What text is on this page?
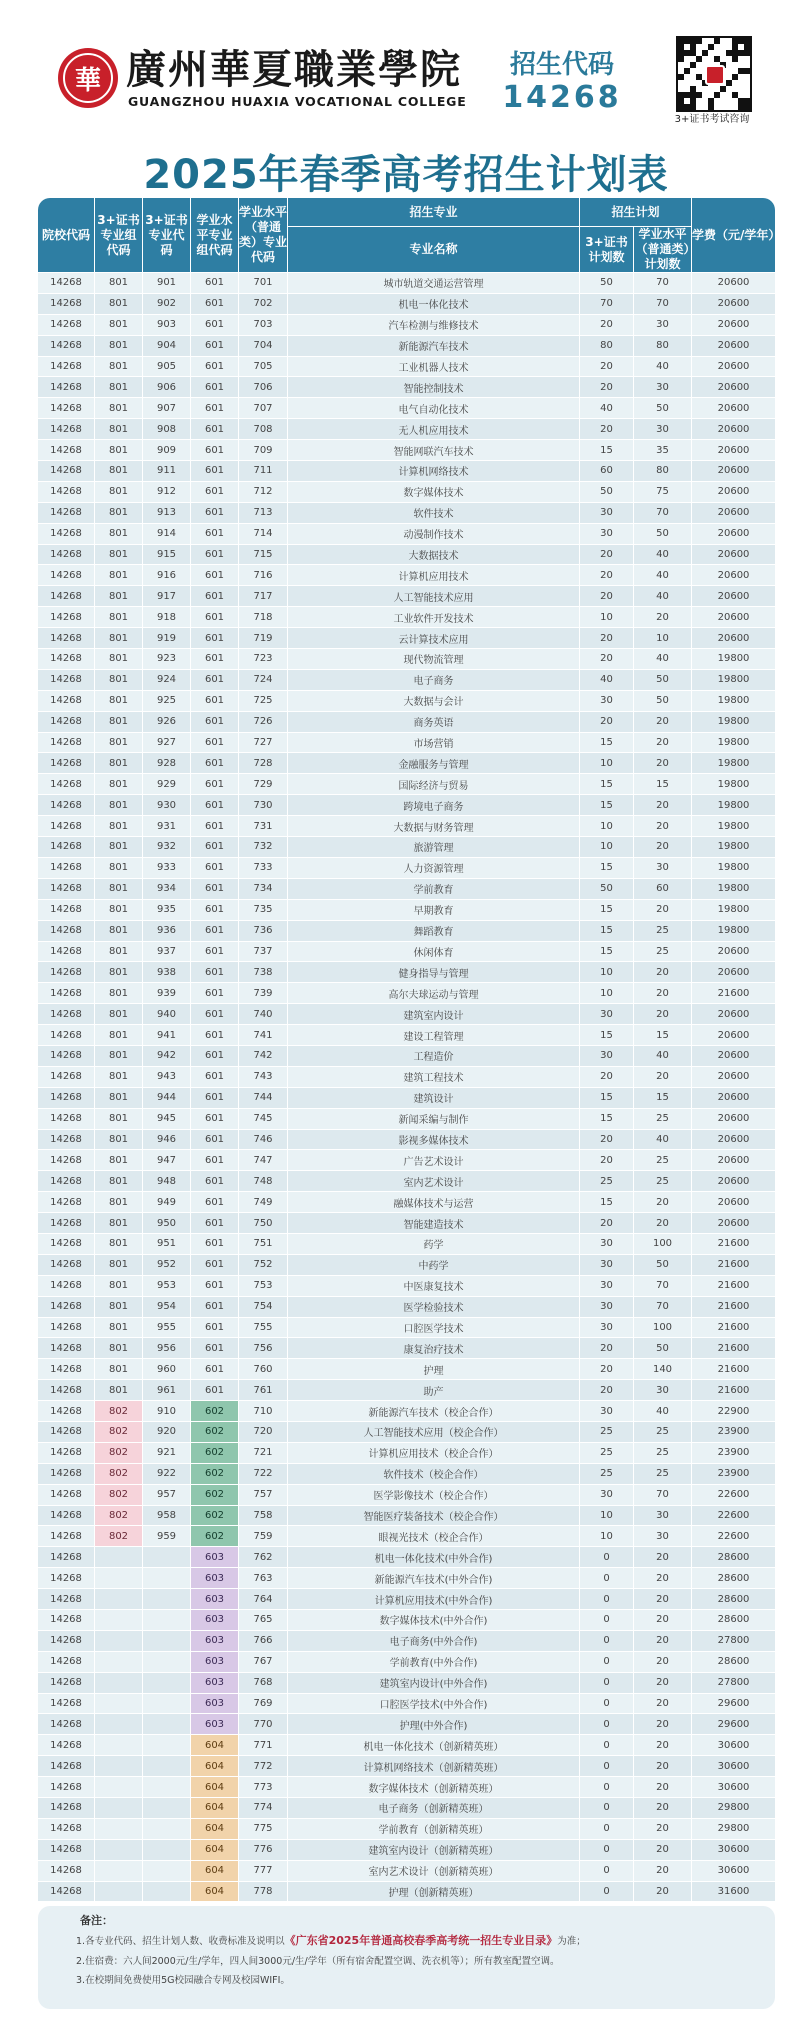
華 廣州華夏職業學院
GUANGZHOU HUAXIA VOCATIONAL COLLEGE
招生代码
14268
3+证书考试咨询
2025年春季高考招生计划表
院校代码	3+证书专业组代码	3+证书专业代码	学业水平专业组代码	学业水平（普通类）专业代码	招生专业	招生计划		学费（元/学年）
					专业名称	3+证书计划数	学业水平（普通类）计划数	
14268	801	901	601	701	城市轨道交通运营管理	50	70	20600
14268	801	902	601	702	机电一体化技术	70	70	20600
14268	801	903	601	703	汽车检测与维修技术	20	30	20600
14268	801	904	601	704	新能源汽车技术	80	80	20600
14268	801	905	601	705	工业机器人技术	20	40	20600
14268	801	906	601	706	智能控制技术	20	30	20600
14268	801	907	601	707	电气自动化技术	40	50	20600
14268	801	908	601	708	无人机应用技术	20	30	20600
14268	801	909	601	709	智能网联汽车技术	15	35	20600
14268	801	911	601	711	计算机网络技术	60	80	20600
14268	801	912	601	712	数字媒体技术	50	75	20600
14268	801	913	601	713	软件技术	30	70	20600
14268	801	914	601	714	动漫制作技术	30	50	20600
14268	801	915	601	715	大数据技术	20	40	20600
14268	801	916	601	716	计算机应用技术	20	40	20600
14268	801	917	601	717	人工智能技术应用	20	40	20600
14268	801	918	601	718	工业软件开发技术	10	20	20600
14268	801	919	601	719	云计算技术应用	20	10	20600
14268	801	923	601	723	现代物流管理	20	40	19800
14268	801	924	601	724	电子商务	40	50	19800
14268	801	925	601	725	大数据与会计	30	50	19800
14268	801	926	601	726	商务英语	20	20	19800
14268	801	927	601	727	市场营销	15	20	19800
14268	801	928	601	728	金融服务与管理	10	20	19800
14268	801	929	601	729	国际经济与贸易	15	15	19800
14268	801	930	601	730	跨境电子商务	15	20	19800
14268	801	931	601	731	大数据与财务管理	10	20	19800
14268	801	932	601	732	旅游管理	10	20	19800
14268	801	933	601	733	人力资源管理	15	30	19800
14268	801	934	601	734	学前教育	50	60	19800
14268	801	935	601	735	早期教育	15	20	19800
14268	801	936	601	736	舞蹈教育	15	25	19800
14268	801	937	601	737	休闲体育	15	25	20600
14268	801	938	601	738	健身指导与管理	10	20	20600
14268	801	939	601	739	高尔夫球运动与管理	10	20	21600
14268	801	940	601	740	建筑室内设计	30	20	20600
14268	801	941	601	741	建设工程管理	15	15	20600
14268	801	942	601	742	工程造价	30	40	20600
14268	801	943	601	743	建筑工程技术	20	20	20600
14268	801	944	601	744	建筑设计	15	15	20600
14268	801	945	601	745	新闻采编与制作	15	25	20600
14268	801	946	601	746	影视多媒体技术	20	40	20600
14268	801	947	601	747	广告艺术设计	20	25	20600
14268	801	948	601	748	室内艺术设计	25	25	20600
14268	801	949	601	749	融媒体技术与运营	15	20	20600
14268	801	950	601	750	智能建造技术	20	20	20600
14268	801	951	601	751	药学	30	100	21600
14268	801	952	601	752	中药学	30	50	21600
14268	801	953	601	753	中医康复技术	30	70	21600
14268	801	954	601	754	医学检验技术	30	70	21600
14268	801	955	601	755	口腔医学技术	30	100	21600
14268	801	956	601	756	康复治疗技术	20	50	21600
14268	801	960	601	760	护理	20	140	21600
14268	801	961	601	761	助产	20	30	21600
14268	802	910	602	710	新能源汽车技术（校企合作）	30	40	22900
14268	802	920	602	720	人工智能技术应用（校企合作）	25	25	23900
14268	802	921	602	721	计算机应用技术（校企合作）	25	25	23900
14268	802	922	602	722	软件技术（校企合作）	25	25	23900
14268	802	957	602	757	医学影像技术（校企合作）	30	70	22600
14268	802	958	602	758	智能医疗装备技术（校企合作）	10	30	22600
14268	802	959	602	759	眼视光技术（校企合作）	10	30	22600
14268			603	762	机电一体化技术(中外合作)	0	20	28600
14268			603	763	新能源汽车技术(中外合作)	0	20	28600
14268			603	764	计算机应用技术(中外合作)	0	20	28600
14268			603	765	数字媒体技术(中外合作)	0	20	28600
14268			603	766	电子商务(中外合作)	0	20	27800
14268			603	767	学前教育(中外合作)	0	20	28600
14268			603	768	建筑室内设计(中外合作)	0	20	27800
14268			603	769	口腔医学技术(中外合作)	0	20	29600
14268			603	770	护理(中外合作)	0	20	29600
14268			604	771	机电一体化技术（创新精英班）	0	20	30600
14268			604	772	计算机网络技术（创新精英班）	0	20	30600
14268			604	773	数字媒体技术（创新精英班）	0	20	30600
14268			604	774	电子商务（创新精英班）	0	20	29800
14268			604	775	学前教育（创新精英班）	0	20	29800
14268			604	776	建筑室内设计（创新精英班）	0	20	30600
14268			604	777	室内艺术设计（创新精英班）	0	20	30600
14268			604	778	护理（创新精英班）	0	20	31600
备注：
1.各专业代码、招生计划人数、收费标准及说明以《广东省2025年普通高校春季高考统一招生专业目录》为准；
2.住宿费：六人间2000元/生/学年，四人间3000元/生/学年（所有宿舍配置空调、洗衣机等）；所有教室配置空调。
3.在校期间免费使用5G校园融合专网及校园WIFI。
